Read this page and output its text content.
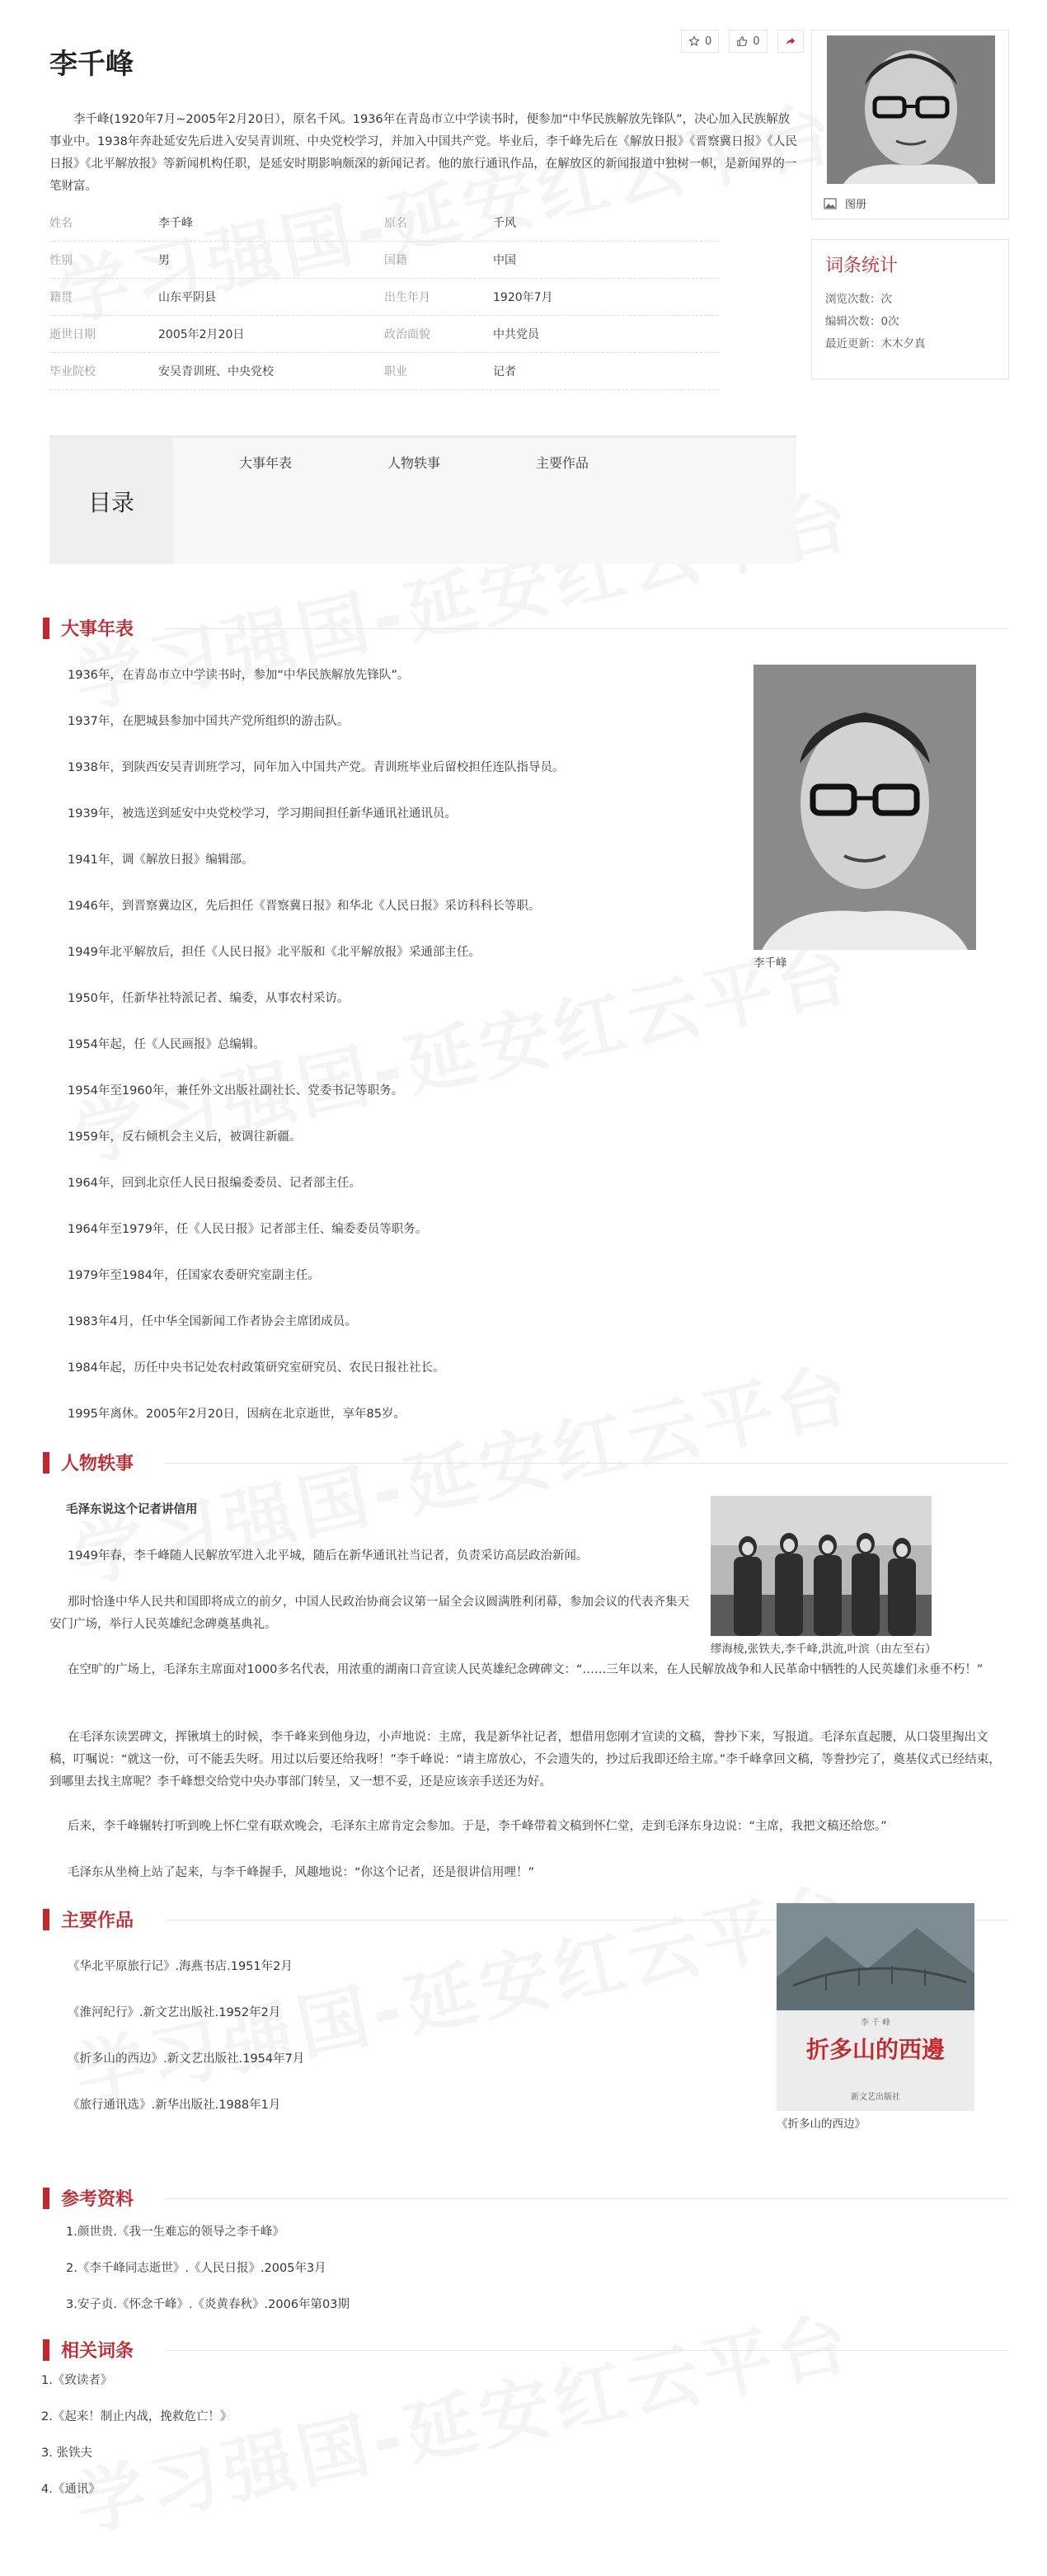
李千峰
0	0

李千峰(1920年7月~2005年2月20日），原名千风。1936年在青岛市立中学读书时，便参加“中华民族解放先锋队”，决心加入民族解放事业中。1938年奔赴延安先后进入安吴青训班、中央党校学习，并加入中国共产党。毕业后，李千峰先后在《解放日报》《晋察冀日报》《人民日报》《北平解放报》等新闻机构任职，是延安时期影响颇深的新闻记者。他的旅行通讯作品，在解放区的新闻报道中独树一帜，是新闻界的一笔财富。

姓名	李千峰	原名	千风
性别	男	国籍	中国
籍贯	山东平阴县	出生年月	1920年7月
逝世日期	2005年2月20日	政治面貌	中共党员
毕业院校	安吴青训班、中央党校	职业	记者
图册
词条统计
浏览次数：次
编辑次数：0次
最近更新：木木夕真
目录
大事年表	人物轶事	主要作品
大事年表
李千峰

1936年，在青岛市立中学读书时，参加“中华民族解放先锋队”。

1937年，在肥城县参加中国共产党所组织的游击队。

1938年，到陕西安吴青训班学习，同年加入中国共产党。青训班毕业后留校担任连队指导员。

1939年，被选送到延安中央党校学习，学习期间担任新华通讯社通讯员。

1941年，调《解放日报》编辑部。

1946年，到晋察冀边区，先后担任《晋察冀日报》和华北《人民日报》采访科科长等职。

1949年北平解放后，担任《人民日报》北平版和《北平解放报》采通部主任。

1950年，任新华社特派记者、编委，从事农村采访。

1954年起，任《人民画报》总编辑。

1954年至1960年，兼任外文出版社副社长、党委书记等职务。

1959年，反右倾机会主义后，被调往新疆。

1964年，回到北京任人民日报编委委员、记者部主任。

1964年至1979年，任《人民日报》记者部主任、编委委员等职务。

1979年至1984年，任国家农委研究室副主任。

1983年4月，任中华全国新闻工作者协会主席团成员。

1984年起，历任中央书记处农村政策研究室研究员、农民日报社社长。

1995年离休。2005年2月20日，因病在北京逝世，享年85岁。

人物轶事
缪海棱,张铁夫,李千峰,洪流,叶滨（由左至右）

毛泽东说这个记者讲信用

1949年春，李千峰随人民解放军进入北平城，随后在新华通讯社当记者，负责采访高层政治新闻。

那时恰逢中华人民共和国即将成立的前夕，中国人民政治协商会议第一届全会议圆满胜利闭幕，参加会议的代表齐集天安门广场，举行人民英雄纪念碑奠基典礼。

在空旷的广场上，毛泽东主席面对1000多名代表，用浓重的湖南口音宣读人民英雄纪念碑碑文：“……三年以来，在人民解放战争和人民革命中牺牲的人民英雄们永垂不朽！”

在毛泽东读罢碑文，挥锹填土的时候，李千峰来到他身边，小声地说：主席，我是新华社记者，想借用您刚才宣读的文稿，誊抄下来，写报道。毛泽东直起腰，从口袋里掏出文稿，叮嘱说：“就这一份，可不能丢失呀。用过以后要还给我呀！”李千峰说：“请主席放心，不会遗失的，抄过后我即还给主席。”李千峰拿回文稿，等誊抄完了，奠基仪式已经结束，到哪里去找主席呢？李千峰想交给党中央办事部门转呈，又一想不妥，还是应该亲手送还为好。

后来，李千峰辗转打听到晚上怀仁堂有联欢晚会，毛泽东主席肯定会参加。于是，李千峰带着文稿到怀仁堂，走到毛泽东身边说：“主席，我把文稿还给您。”

毛泽东从坐椅上站了起来，与李千峰握手，风趣地说：“你这个记者，还是很讲信用哩！”

主要作品
李 千 峰
折多山的西邊
新文艺出版社
《折多山的西边》

《华北平原旅行记》.海燕书店.1951年2月

《淮河纪行》.新文艺出版社.1952年2月

《折多山的西边》.新文艺出版社.1954年7月

《旅行通讯选》.新华出版社.1988年1月

参考资料

1.颜世贵.《我一生难忘的领导之李千峰》

2.《李千峰同志逝世》.《人民日报》.2005年3月

3.安子贞.《怀念千峰》.《炎黄春秋》.2006年第03期

相关词条
1.《致读者》
2.《起来！制止内战，挽救危亡！》
3. 张铁夫
4.《通讯》
